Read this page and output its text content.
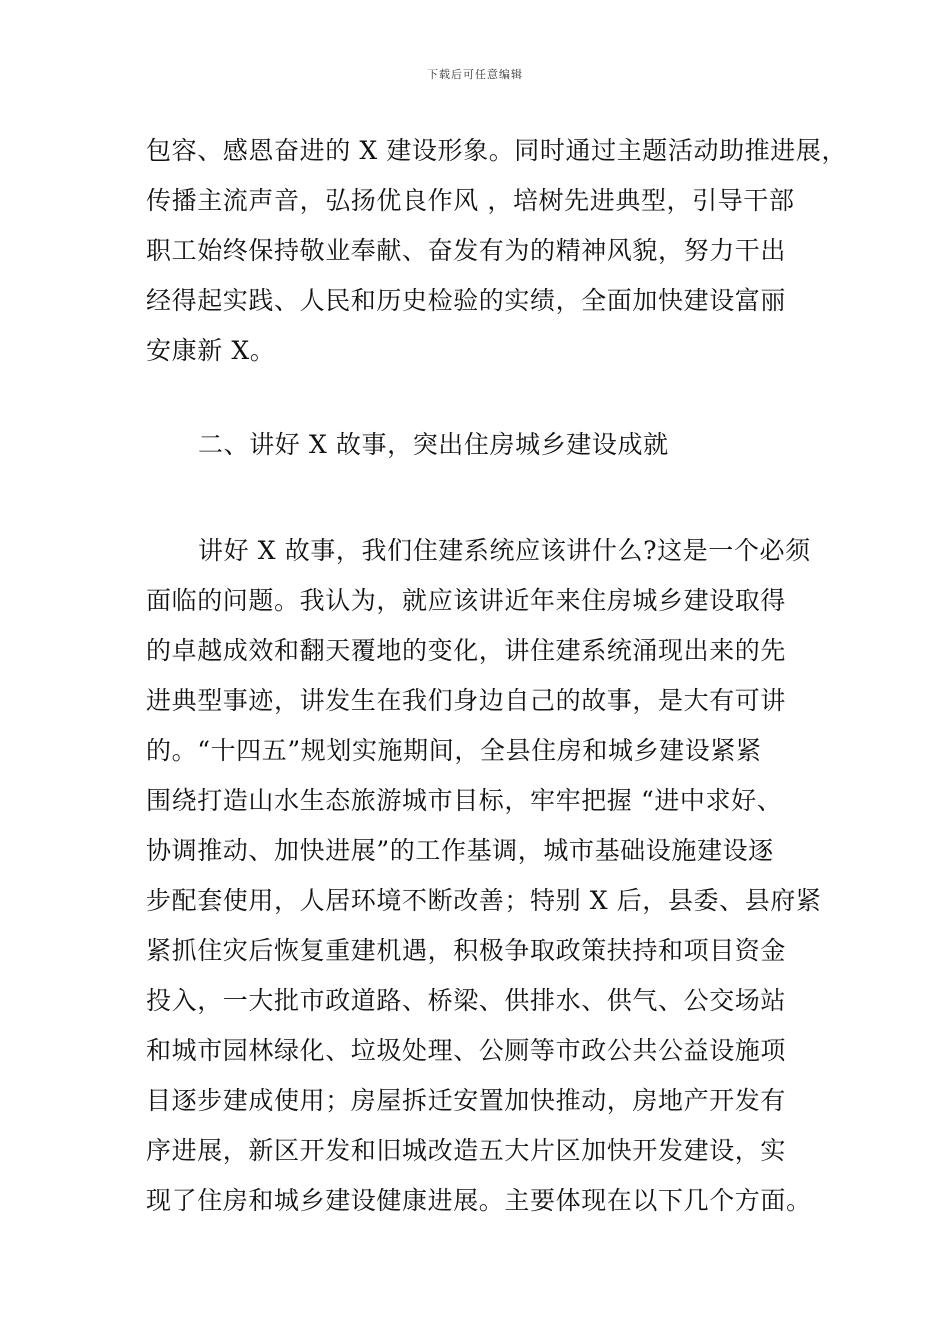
下载后可任意编辑
包容、感恩奋进的 X 建设形象。同时通过主题活动助推进展，
传播主流声音，弘扬优良作风 ，培树先进典型，引导干部
职工始终保持敬业奉献、奋发有为的精神风貌，努力干出
经得起实践、人民和历史检验的实绩，全面加快建设富丽
安康新 X。
二、讲好 X 故事，突出住房城乡建设成就
讲好 X 故事，我们住建系统应该讲什么?这是一个必须
面临的问题。我认为，就应该讲近年来住房城乡建设取得
的卓越成效和翻天覆地的变化，讲住建系统涌现出来的先
进典型事迹，讲发生在我们身边自己的故事，是大有可讲
的。“十四五”规划实施期间，全县住房和城乡建设紧紧
围绕打造山水生态旅游城市目标，牢牢把握 “进中求好、
协调推动、加快进展”的工作基调，城市基础设施建设逐
步配套使用，人居环境不断改善；特别 X 后，县委、县府紧
紧抓住灾后恢复重建机遇，积极争取政策扶持和项目资金
投入，一大批市政道路、桥梁、供排水、供气、公交场站
和城市园林绿化、垃圾处理、公厕等市政公共公益设施项
目逐步建成使用；房屋拆迁安置加快推动，房地产开发有
序进展，新区开发和旧城改造五大片区加快开发建设，实
现了住房和城乡建设健康进展。主要体现在以下几个方面。
